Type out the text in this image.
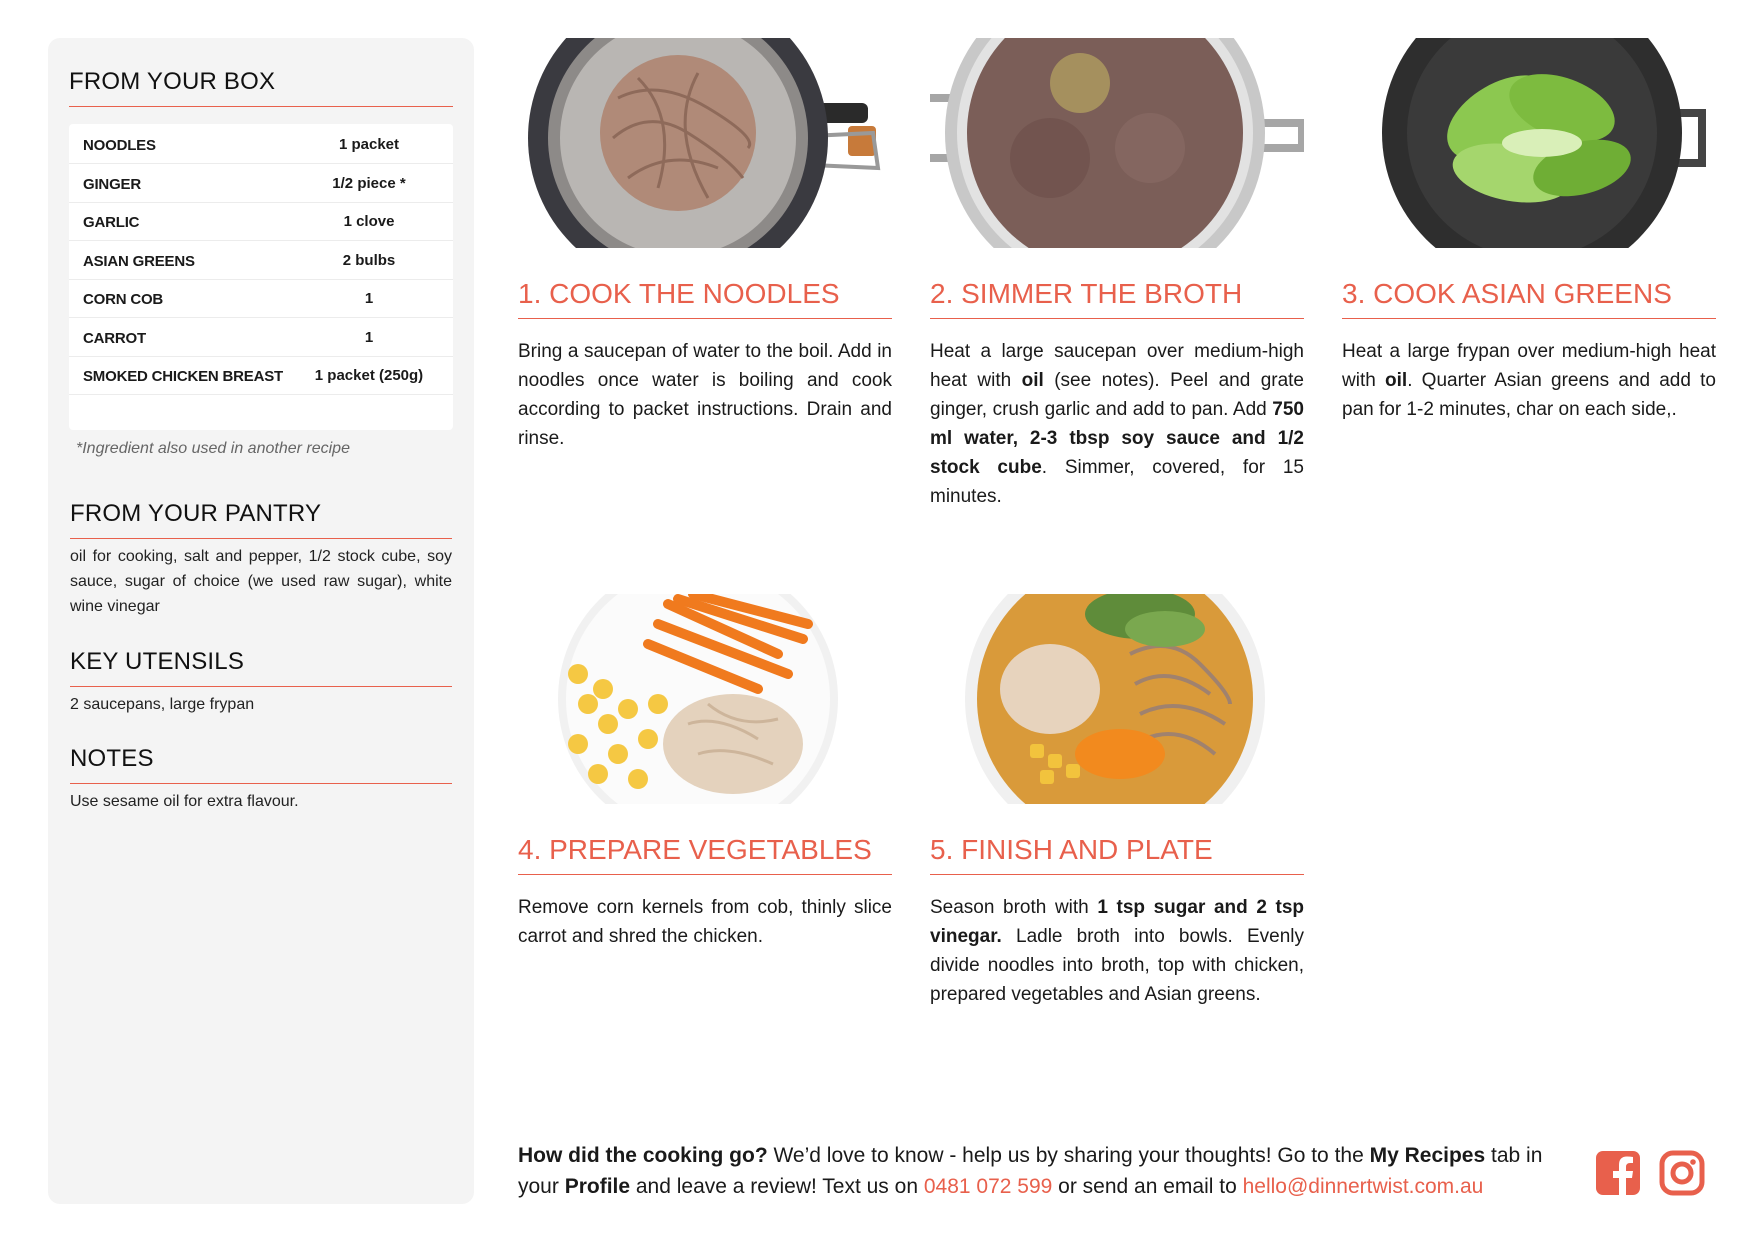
FROM YOUR BOX
NOODLES	1 packet
GINGER	1/2 piece *
GARLIC	1 clove
ASIAN GREENS	2 bulbs
CORN COB	1
CARROT	1
SMOKED CHICKEN BREAST	1 packet (250g)
*Ingredient also used in another recipe
FROM YOUR PANTRY
oil for cooking, salt and pepper, 1/2 stock cube, soy sauce, sugar of choice (we used raw sugar), white wine vinegar
KEY UTENSILS
2 saucepans, large frypan
NOTES
Use sesame oil for extra flavour.
1. COOK THE NOODLES
Bring a saucepan of water to the boil. Add in noodles once water is boiling and cook according to packet instructions. Drain and rinse.
2. SIMMER THE BROTH
Heat a large saucepan over medium-high heat with oil (see notes). Peel and grate ginger, crush garlic and add to pan. Add 750 ml water, 2-3 tbsp soy sauce and 1/2 stock cube. Simmer, covered, for 15 minutes.
3. COOK ASIAN GREENS
Heat a large frypan over medium-high heat with oil. Quarter Asian greens and add to pan for 1-2 minutes, char on each side,.
4. PREPARE VEGETABLES
Remove corn kernels from cob, thinly slice carrot and shred the chicken.
5. FINISH AND PLATE
Season broth with 1 tsp sugar and 2 tsp vinegar. Ladle broth into bowls. Evenly divide noodles into broth, top with chicken, prepared vegetables and Asian greens.
How did the cooking go? We’d love to know - help us by sharing your thoughts! Go to the My Recipes tab in your Profile and leave a review! Text us on 0481 072 599 or send an email to hello@dinnertwist.com.au
